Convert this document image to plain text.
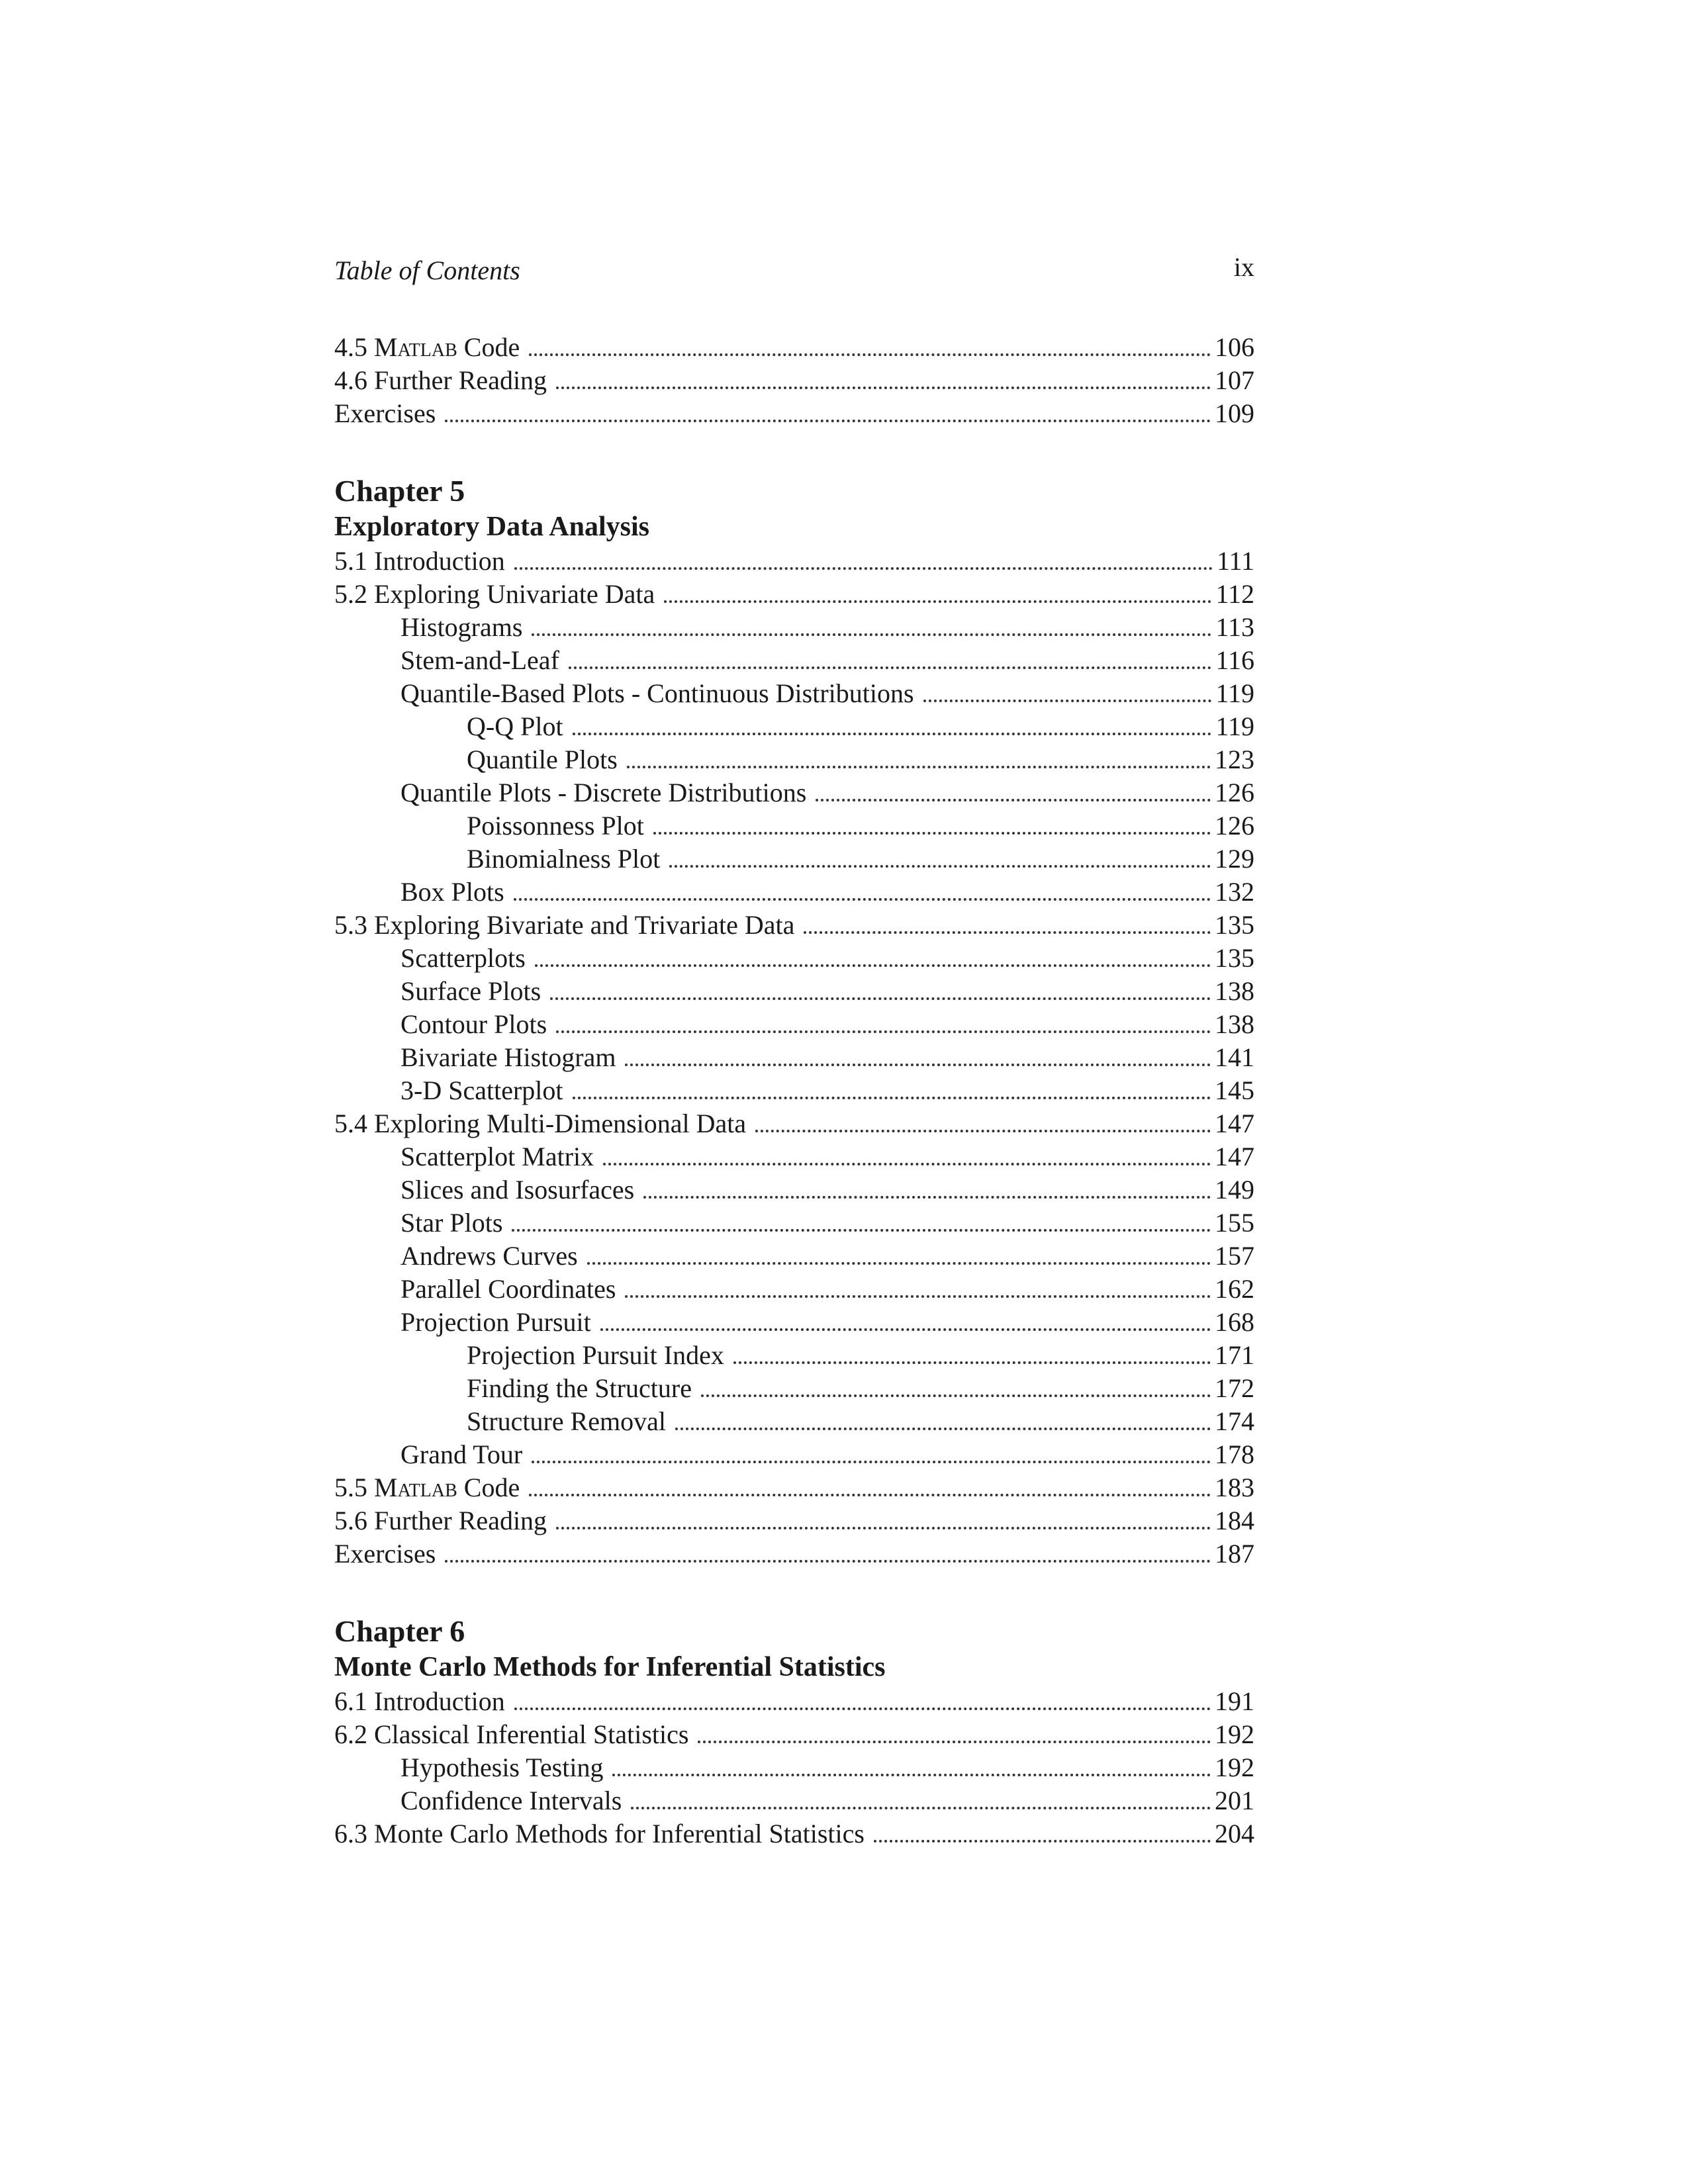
Table of Contents	ix
4.5 Matlab Code	106
4.6 Further Reading	107
Exercises	109
Chapter 5
Exploratory Data Analysis
5.1 Introduction	111
5.2 Exploring Univariate Data	112
Histograms	113
Stem-and-Leaf	116
Quantile-Based Plots - Continuous Distributions	119
Q-Q Plot	119
Quantile Plots	123
Quantile Plots - Discrete Distributions	126
Poissonness Plot	126
Binomialness Plot	129
Box Plots	132
5.3 Exploring Bivariate and Trivariate Data	135
Scatterplots	135
Surface Plots	138
Contour Plots	138
Bivariate Histogram	141
3-D Scatterplot	145
5.4 Exploring Multi-Dimensional Data	147
Scatterplot Matrix	147
Slices and Isosurfaces	149
Star Plots	155
Andrews Curves	157
Parallel Coordinates	162
Projection Pursuit	168
Projection Pursuit Index	171
Finding the Structure	172
Structure Removal	174
Grand Tour	178
5.5 Matlab Code	183
5.6 Further Reading	184
Exercises	187
Chapter 6
Monte Carlo Methods for Inferential Statistics
6.1 Introduction	191
6.2 Classical Inferential Statistics	192
Hypothesis Testing	192
Confidence Intervals	201
6.3 Monte Carlo Methods for Inferential Statistics	204
